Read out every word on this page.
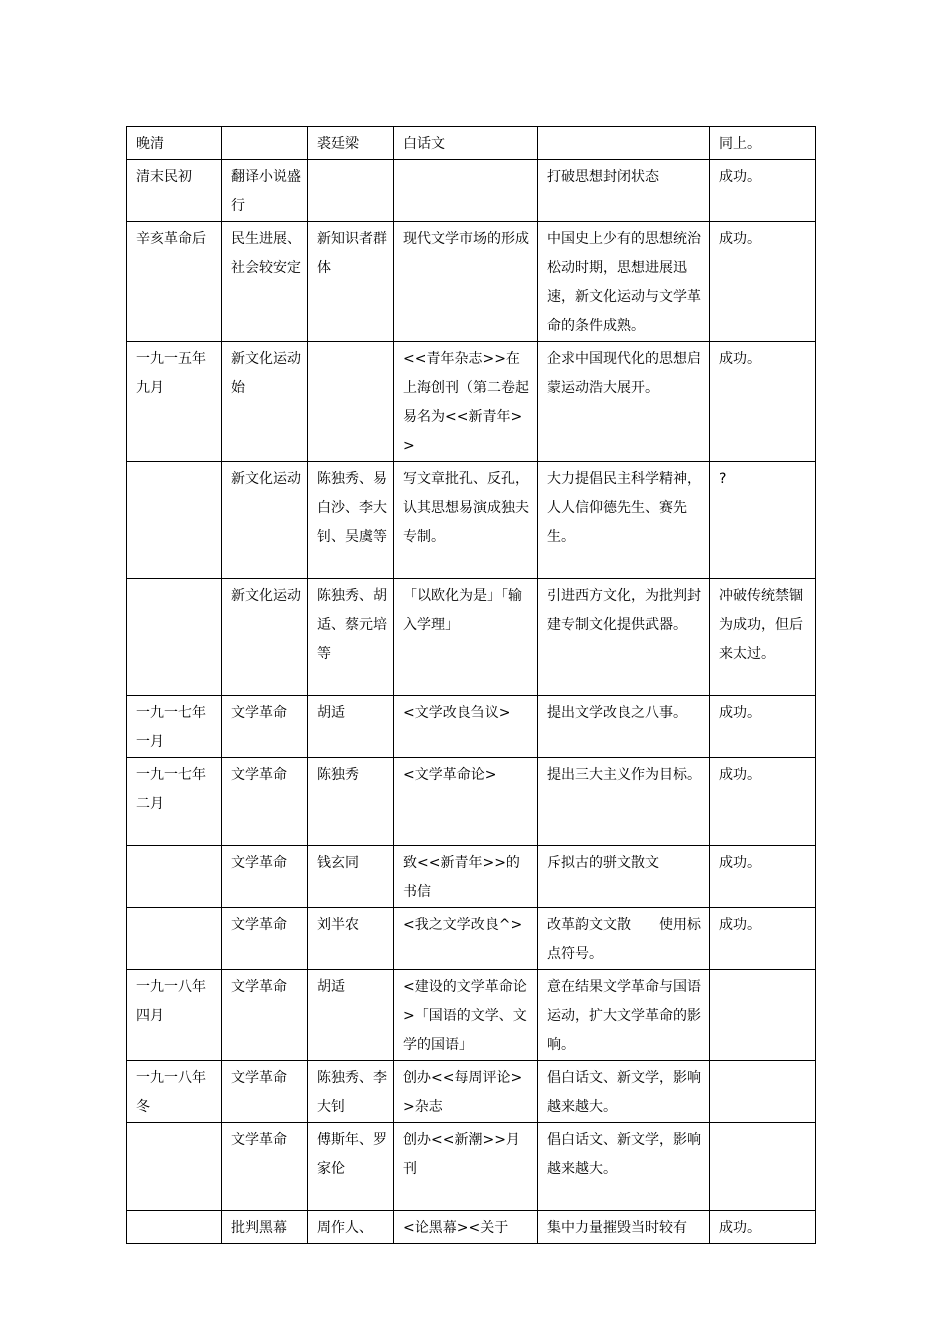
晚清		裘廷梁	白话文		同上。
清末民初	翻译小说盛行			打破思想封闭状态	成功。
辛亥革命后	民生进展、社会较安定	新知识者群体	现代文学市场的形成	中国史上少有的思想统治松动时期，思想进展迅速，新文化运动与文学革命的条件成熟。	成功。
一九一五年九月	新文化运动始		<<青年杂志>>在上海创刊（第二卷起易名为<<新青年>>	企求中国现代化的思想启蒙运动浩大展开。	成功。
	新文化运动	陈独秀、易白沙、李大钊、吴虞等	写文章批孔、反孔，认其思想易演成独夫专制。	大力提倡民主科学精神，人人信仰德先生、赛先生。	?
	新文化运动	陈独秀、胡适、蔡元培等	「以欧化为是」「输入学理」	引进西方文化，为批判封建专制文化提供武器。	冲破传统禁锢为成功，但后来太过。
一九一七年一月	文学革命	胡适	<文学改良刍议>	提出文学改良之八事。	成功。
一九一七年二月	文学革命	陈独秀	<文学革命论>	提出三大主义作为目标。	成功。
	文学革命	钱玄同	致<<新青年>>的书信	斥拟古的骈文散文	成功。
	文学革命	刘半农	<我之文学改良^>	改革韵文文散　　使用标点符号。	成功。
一九一八年四月	文学革命	胡适	<建设的文学革命论>「国语的文学、文学的国语」	意在结果文学革命与国语运动，扩大文学革命的影响。	
一九一八年冬	文学革命	陈独秀、李大钊	创办<<每周评论>>杂志	倡白话文、新文学，影响越来越大。	
	文学革命	傅斯年、罗家伦	创办<<新潮>>月刊	倡白话文、新文学，影响越来越大。	
	批判黑幕	周作人、	<论黑幕><关于	集中力量摧毁当时较有	成功。
